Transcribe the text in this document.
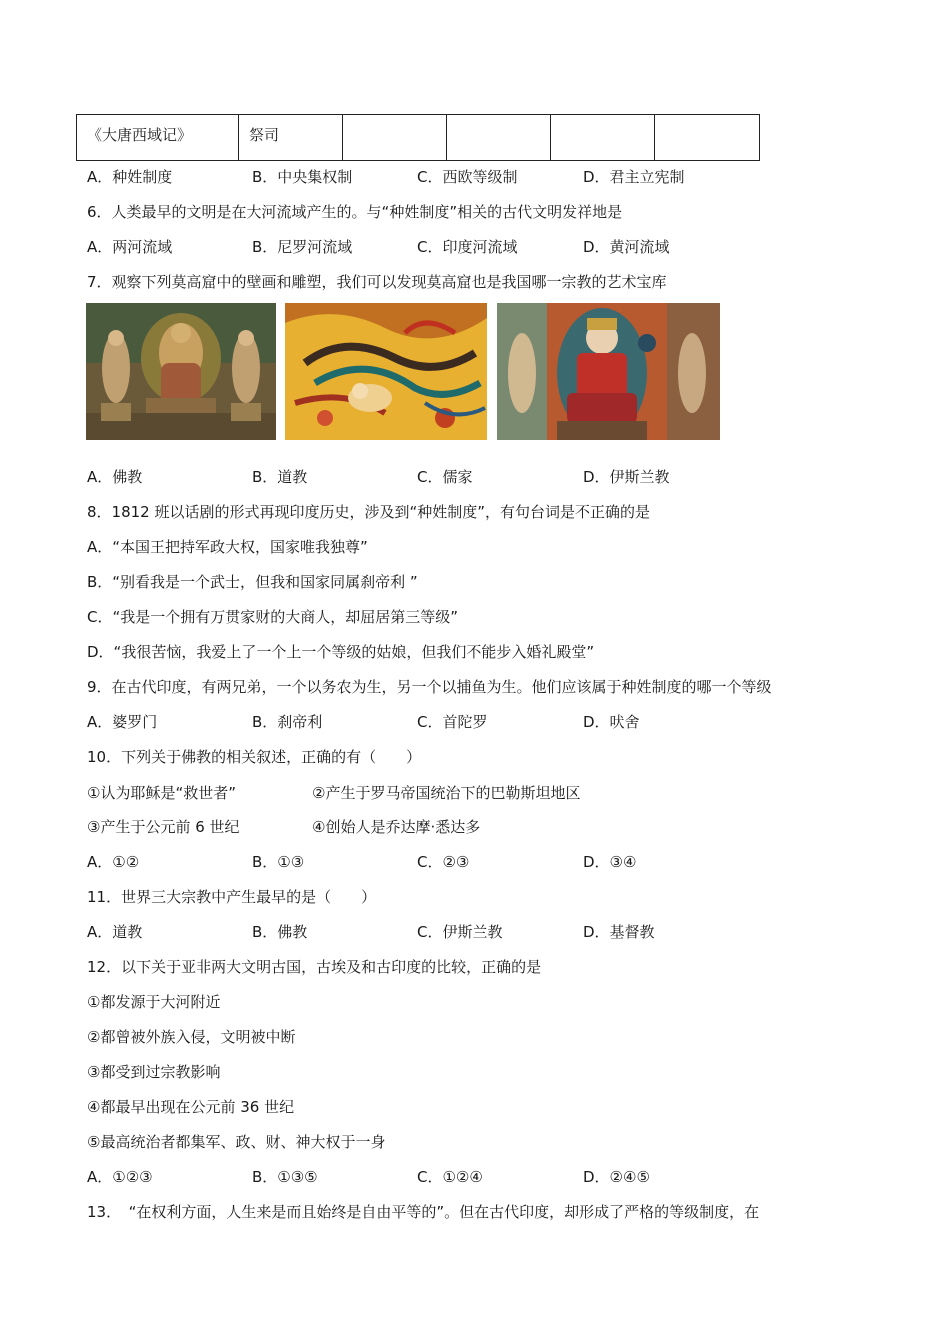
《大唐西域记》	祭司				
A．种姓制度	B．中央集权制	C．西欧等级制	D．君主立宪制
6．人类最早的文明是在大河流域产生的。与“种姓制度”相关的古代文明发祥地是
A．两河流域	B．尼罗河流域	C．印度河流域	D．黄河流域
7．观察下列莫高窟中的壁画和雕塑，我们可以发现莫高窟也是我国哪一宗教的艺术宝库
A．佛教	B．道教	C．儒家	D．伊斯兰教
8．1812 班以话剧的形式再现印度历史，涉及到“种姓制度”，有句台词是不正确的是
A．“本国王把持军政大权，国家唯我独尊”
B．“别看我是一个武士，但我和国家同属刹帝利 ”
C．“我是一个拥有万贯家财的大商人，却屈居第三等级”
D．“我很苦恼，我爱上了一个上一个等级的姑娘，但我们不能步入婚礼殿堂”
9．在古代印度，有两兄弟，一个以务农为生，另一个以捕鱼为生。他们应该属于种姓制度的哪一个等级
A．婆罗门	B．刹帝利	C．首陀罗	D．吠舍
10．下列关于佛教的相关叙述，正确的有（　　）
①认为耶稣是“救世者”	②产生于罗马帝国统治下的巴勒斯坦地区
③产生于公元前 6 世纪	④创始人是乔达摩·悉达多
A．①②	B．①③	C．②③	D．③④
11．世界三大宗教中产生最早的是（　　）
A．道教	B．佛教	C．伊斯兰教	D．基督教
12．以下关于亚非两大文明古国，古埃及和古印度的比较，正确的是
①都发源于大河附近
②都曾被外族入侵，文明被中断
③都受到过宗教影响
④都最早出现在公元前 36 世纪
⑤最高统治者都集军、政、财、神大权于一身
A．①②③	B．①③⑤	C．①②④	D．②④⑤
13．　“在权利方面，人生来是而且始终是自由平等的”。但在古代印度，却形成了严格的等级制度，在
